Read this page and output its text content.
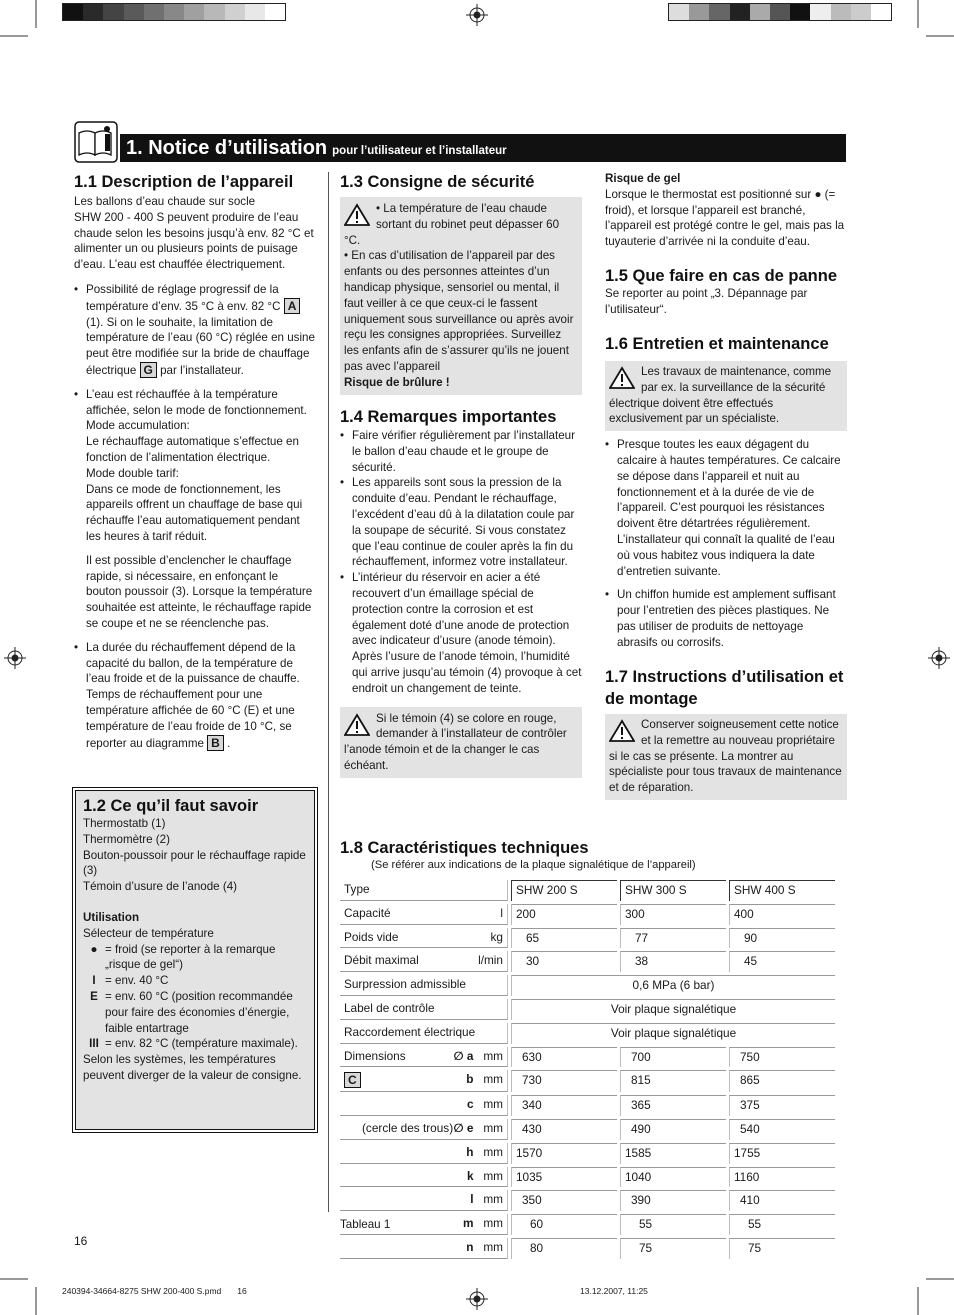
1. Notice d’utilisation pour l’utilisateur et l’installateur
1.1 Description de l’appareil
Les ballons d’eau chaude sur socle
SHW 200 - 400 S peuvent produire de l’eau chaude selon les besoins jusqu’à env. 82 °C et alimenter un ou plusieurs points de puisage d’eau. L’eau est chauffée électriquement.
• Possibilité de réglage progressif de la température d’env. 35 °C à env. 82 °C A (1). Si on le souhaite, la limitation de température de l’eau (60 °C) réglée en usine peut être modifiée sur la bride de chauffage électrique G par l’installateur.
• L’eau est réchauffée à la température affichée, selon le mode de fonctionnement.
Mode accumulation:
Le réchauffage automatique s’effectue en fonction de l’alimentation électrique.
Mode double tarif:
Dans ce mode de fonctionnement, les appareils offrent un chauffage de base qui réchauffe l’eau automatiquement pendant les heures à tarif réduit.
Il est possible d’enclencher le chauffage rapide, si nécessaire, en enfonçant le bouton poussoir (3). Lorsque la température souhaitée est atteinte, le réchauffage rapide se coupe et ne se réenclenche pas.
• La durée du réchauffement dépend de la capacité du ballon, de la température de l’eau froide et de la puissance de chauffe. Temps de réchauffement pour une température affichée de 60 °C (E) et une température de l’eau froide de 10 °C, se reporter au diagramme B .
1.2 Ce qu’il faut savoir
Thermostatb (1)
Thermomètre (2)
Bouton-poussoir pour le réchauffage rapide (3)
Témoin d’usure de l’anode (4)
Utilisation
Sélecteur de température
● = froid (se reporter à la remarque „risque de gel“)
I = env. 40 °C
E = env. 60 °C (position recommandée pour faire des économies d’énergie, faible entartrage
III = env. 82 °C (température maximale).
Selon les systèmes, les températures peuvent diverger de la valeur de consigne.
1.3 Consigne de sécurité
• La température de l’eau chaude sortant du robinet peut dépasser 60 °C.
• En cas d’utilisation de l’appareil par des enfants ou des personnes atteintes d’un handicap physique, sensoriel ou mental, il faut veiller à ce que ceux-ci le fassent uniquement sous surveillance ou après avoir reçu les consignes appropriées. Surveillez les enfants afin de s’assurer qu’ils ne jouent pas avec l’appareil
Risque de brûlure !
1.4 Remarques importantes
• Faire vérifier régulièrement par l’installateur le ballon d’eau chaude et le groupe de sécurité.
• Les appareils sont sous la pression de la conduite d’eau. Pendant le réchauffage, l’excédent d’eau dû à la dilatation coule par la soupape de sécurité. Si vous constatez que l’eau continue de couler après la fin du réchauffement, informez votre installateur.
• L’intérieur du réservoir en acier a été recouvert d’un émaillage spécial de protection contre la corrosion et est également doté d’une anode de protection avec indicateur d’usure (anode témoin). Après l’usure de l’anode témoin, l’humidité qui arrive jusqu’au témoin (4) provoque à cet endroit un changement de teinte.
Si le témoin (4) se colore en rouge, demander à l’installateur de contrôler l’anode témoin et de la changer le cas échéant.
Risque de gel
Lorsque le thermostat est positionné sur ● (= froid), et lorsque l’appareil est branché, l’appareil est protégé contre le gel, mais pas la tuyauterie d’arrivée ni la conduite d’eau.
1.5 Que faire en cas de panne
Se reporter au point „3. Dépannage par l’utilisateur“.
1.6 Entretien et maintenance
Les travaux de maintenance, comme par ex. la surveillance de la sécurité électrique doivent être effectués exclusivement par un spécialiste.
• Presque toutes les eaux dégagent du calcaire à hautes températures. Ce calcaire se dépose dans l’appareil et nuit au fonctionnement et à la durée de vie de l’appareil. C’est pourquoi les résistances doivent être détartrées régulièrement. L’installateur qui connaît la qualité de l’eau où vous habitez vous indiquera la date d’entretien suivante.
• Un chiffon humide est amplement suffisant pour l’entretien des pièces plastiques. Ne pas utiliser de produits de nettoyage abrasifs ou corrosifs.
1.7 Instructions d’utilisation et de montage
Conserver soigneusement cette notice et la remettre au nouveau propriétaire si le cas se présente. La montrer au spécialiste pour tous travaux de maintenance et de réparation.
1.8 Caractéristiques techniques
(Se référer aux indications de la plaque signalétique de l’appareil)
Type	SHW 200 S	SHW 300 S	SHW 400 S
Capacité l	200	300	400
Poids vide kg	65	77	90
Débit maximal l/min	30	38	45
Surpression admissible	0,6 MPa (6 bar)		
Label de contrôle	Voir plaque signalétique		
Raccordement électrique	Voir plaque signalétique		
Dimensions ∅ a mm	630	700	750
C b mm	730	815	865

c mm	340	365	375
(cercle des trous) ∅ e mm	430	490	540

h mm	1570	1585	1755

k mm	1035	1040	1160

l mm	350	390	410

m mm	60	55	55

n mm	80	75	75
Tableau 1
16
240394-34664-8275 SHW 200-400 S.pmd 16	13.12.2007, 11:25
